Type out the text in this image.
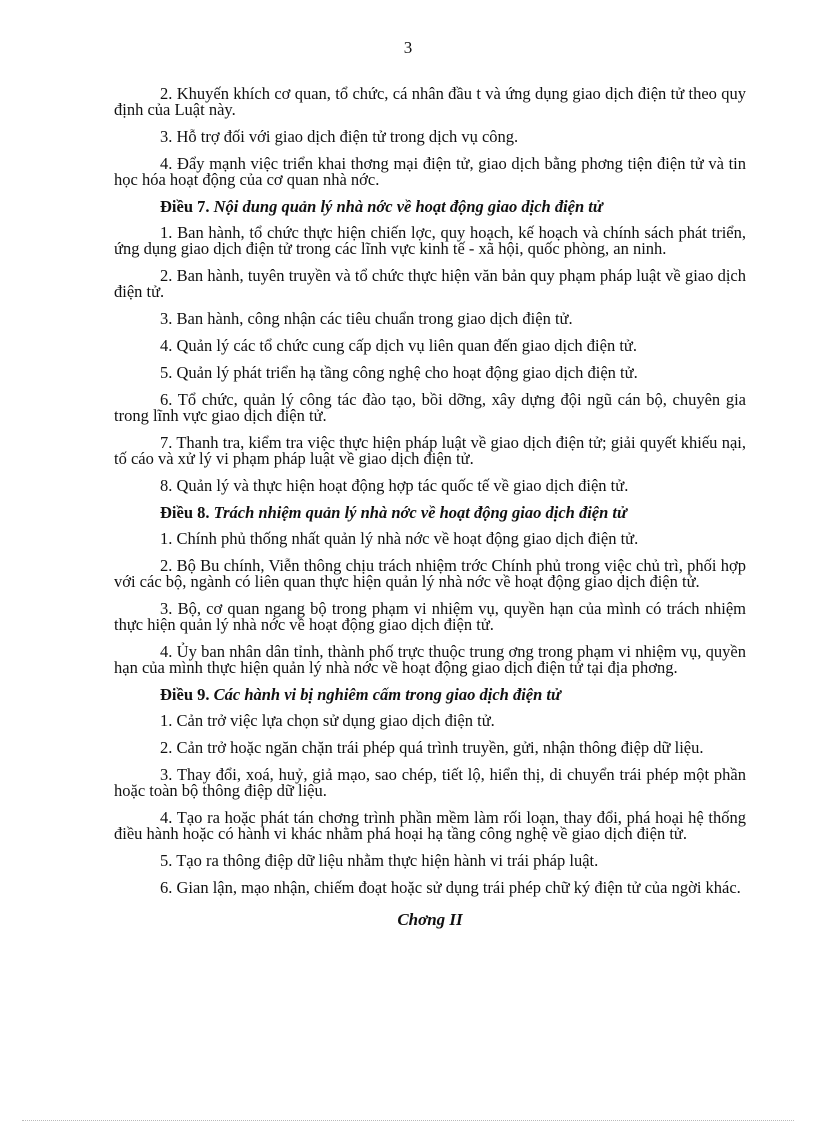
3

2. Khuyến khích cơ quan, tổ chức, cá nhân đầu t và ứng dụng giao dịch điện tử theo quy định của Luật này.

3. Hỗ trợ đối với giao dịch điện tử trong dịch vụ công.

4. Đẩy mạnh việc triển khai thơng mại điện tử, giao dịch bằng phơng tiện điện tử và tin học hóa hoạt động của cơ quan nhà nớc.

Điều 7. Nội dung quản lý nhà nớc về hoạt động giao dịch điện tử

1. Ban hành, tổ chức thực hiện chiến lợc, quy hoạch, kế hoạch và chính sách phát triển, ứng dụng giao dịch điện tử trong các lĩnh vực kinh tế - xã hội, quốc phòng, an ninh.

2. Ban hành, tuyên truyền và tổ chức thực hiện văn bản quy phạm pháp luật về giao dịch điện tử.

3. Ban hành, công nhận các tiêu chuẩn trong giao dịch điện tử.

4. Quản lý các tổ chức cung cấp dịch vụ liên quan đến giao dịch điện tử.

5. Quản lý phát triển hạ tầng công nghệ cho hoạt động giao dịch điện tử.

6. Tổ chức, quản lý công tác đào tạo, bồi dỡng, xây dựng đội ngũ cán bộ, chuyên gia trong lĩnh vực giao dịch điện tử.

7. Thanh tra, kiểm tra việc thực hiện pháp luật về giao dịch điện tử; giải quyết khiếu nại, tố cáo và xử lý vi phạm pháp luật về giao dịch điện tử.

8. Quản lý và thực hiện hoạt động hợp tác quốc tế về giao dịch điện tử.

Điều 8. Trách nhiệm quản lý nhà nớc về hoạt động giao dịch điện tử

1. Chính phủ thống nhất quản lý nhà nớc về hoạt động giao dịch điện tử.

2. Bộ Bu chính, Viễn thông chịu trách nhiệm trớc Chính phủ trong việc chủ trì, phối hợp với các bộ, ngành có liên quan thực hiện quản lý nhà nớc về hoạt động giao dịch điện tử.

3. Bộ, cơ quan ngang bộ trong phạm vi nhiệm vụ, quyền hạn của mình có trách nhiệm thực hiện quản lý nhà nớc về hoạt động giao dịch điện tử.

4. Ủy ban nhân dân tỉnh, thành phố trực thuộc trung ơng trong phạm vi nhiệm vụ, quyền hạn của mình thực hiện quản lý nhà nớc về hoạt động giao dịch điện tử tại địa phơng.

Điều 9. Các hành vi bị nghiêm cấm trong giao dịch điện tử

1. Cản trở việc lựa chọn sử dụng giao dịch điện tử.

2. Cản trở hoặc ngăn chặn trái phép quá trình truyền, gửi, nhận thông điệp dữ liệu.

3. Thay đổi, xoá, huỷ, giả mạo, sao chép, tiết lộ, hiển thị, di chuyển trái phép một phần hoặc toàn bộ thông điệp dữ liệu.

4. Tạo ra hoặc phát tán chơng trình phần mềm làm rối loạn, thay đổi, phá hoại hệ thống điều hành hoặc có hành vi khác nhằm phá hoại hạ tầng công nghệ về giao dịch điện tử.

5. Tạo ra thông điệp dữ liệu nhằm thực hiện hành vi trái pháp luật.

6. Gian lận, mạo nhận, chiếm đoạt hoặc sử dụng trái phép chữ ký điện tử của ngời khác.

Chơng II
